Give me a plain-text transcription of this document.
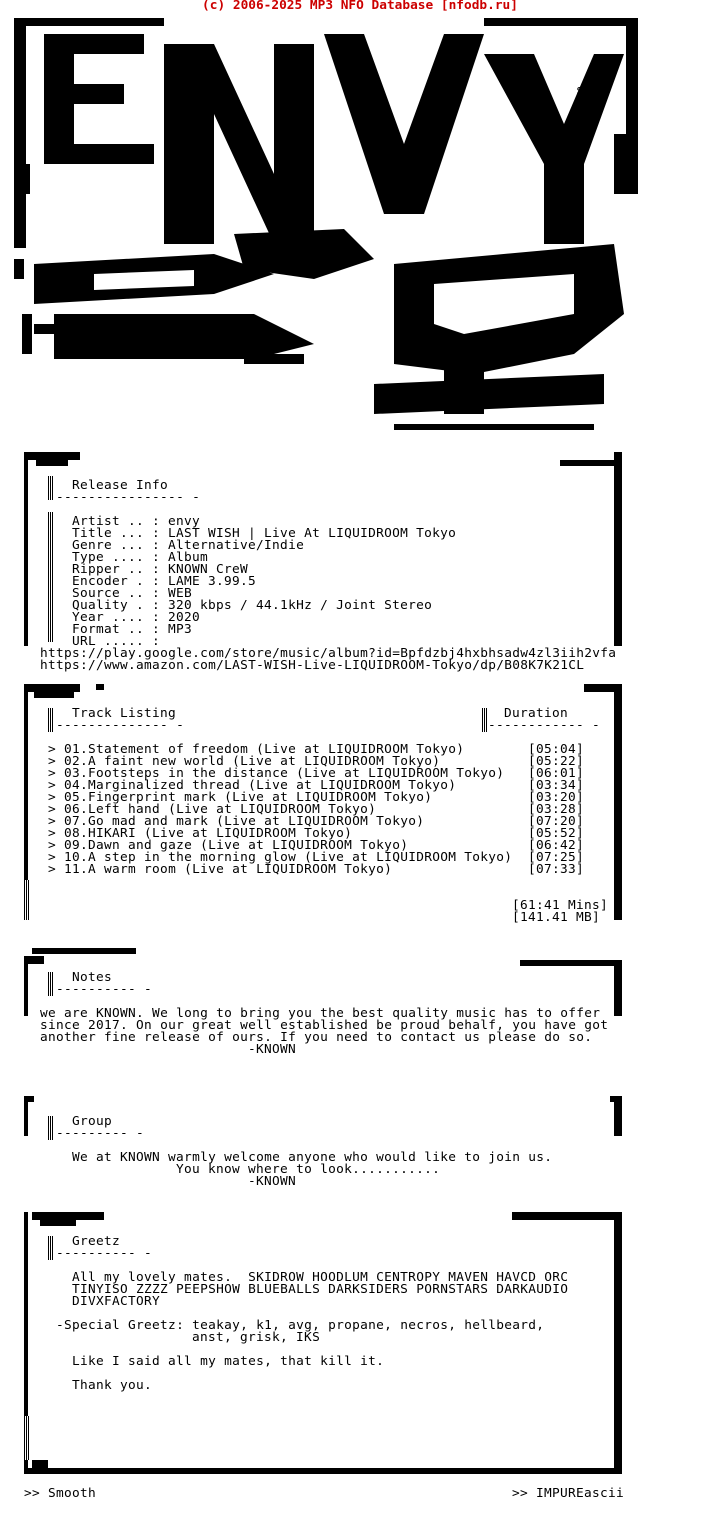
(c) 2006-2025 MP3 NFO Database [nfodb.ru]
sM
Release Info
---------------- -
Artist .. : envy
Title ... : LAST WISH | Live At LIQUIDROOM Tokyo
Genre ... : Alternative/Indie
Type .... : Album
Ripper .. : KNOWN CreW
Encoder . : LAME 3.99.5
Source .. : WEB
Quality . : 320 kbps / 44.1kHz / Joint Stereo
Year .... : 2020
Format .. : MP3
URL ..... :
https://play.google.com/store/music/album?id=Bpfdzbj4hxbhsadw4zl3iih2vfa
https://www.amazon.com/LAST-WISH-Live-LIQUIDROOM-Tokyo/dp/B08K7K21CL
Track Listing
-------------- -
Duration
------------ -
> 01.Statement of freedom (Live at LIQUIDROOM Tokyo)	[05:04]
> 02.A faint new world (Live at LIQUIDROOM Tokyo)	[05:22]
> 03.Footsteps in the distance (Live at LIQUIDROOM Tokyo) [06:01]
> 04.Marginalized thread (Live at LIQUIDROOM Tokyo)	[03:34]
> 05.Fingerprint mark (Live at LIQUIDROOM Tokyo)	[03:20]
> 06.Left hand (Live at LIQUIDROOM Tokyo)	[03:28]
> 07.Go mad and mark (Live at LIQUIDROOM Tokyo)	[07:20]
> 08.HIKARI (Live at LIQUIDROOM Tokyo)	[05:52]
> 09.Dawn and gaze (Live at LIQUIDROOM Tokyo)	[06:42]
> 10.A step in the morning glow (Live at LIQUIDROOM Tokyo) [07:25]
> 11.A warm room (Live at LIQUIDROOM Tokyo)	[07:33]
[61:41 Mins]
[141.41 MB]
Notes
---------- -
we are KNOWN. We long to bring you the best quality music has to offer
since 2017. On our great well established be proud behalf, you have got
another fine release of ours. If you need to contact us please do so.
-KNOWN
Group
--------- -
We at KNOWN warmly welcome anyone who would like to join us.
You know where to look...........
-KNOWN
Greetz
---------- -
All my lovely mates.  SKIDROW HOODLUM CENTROPY MAVEN HAVCD ORC
TINYISO ZZZZ PEEPSHOW BLUEBALLS DARKSIDERS PORNSTARS DARKAUDIO
DIVXFACTORY
-Special Greetz: teakay, k1, avg, propane, necros, hellbeard,
anst, grisk, IKS
Like I said all my mates, that kill it.
Thank you.
>> Smooth	>> IMPUREascii
